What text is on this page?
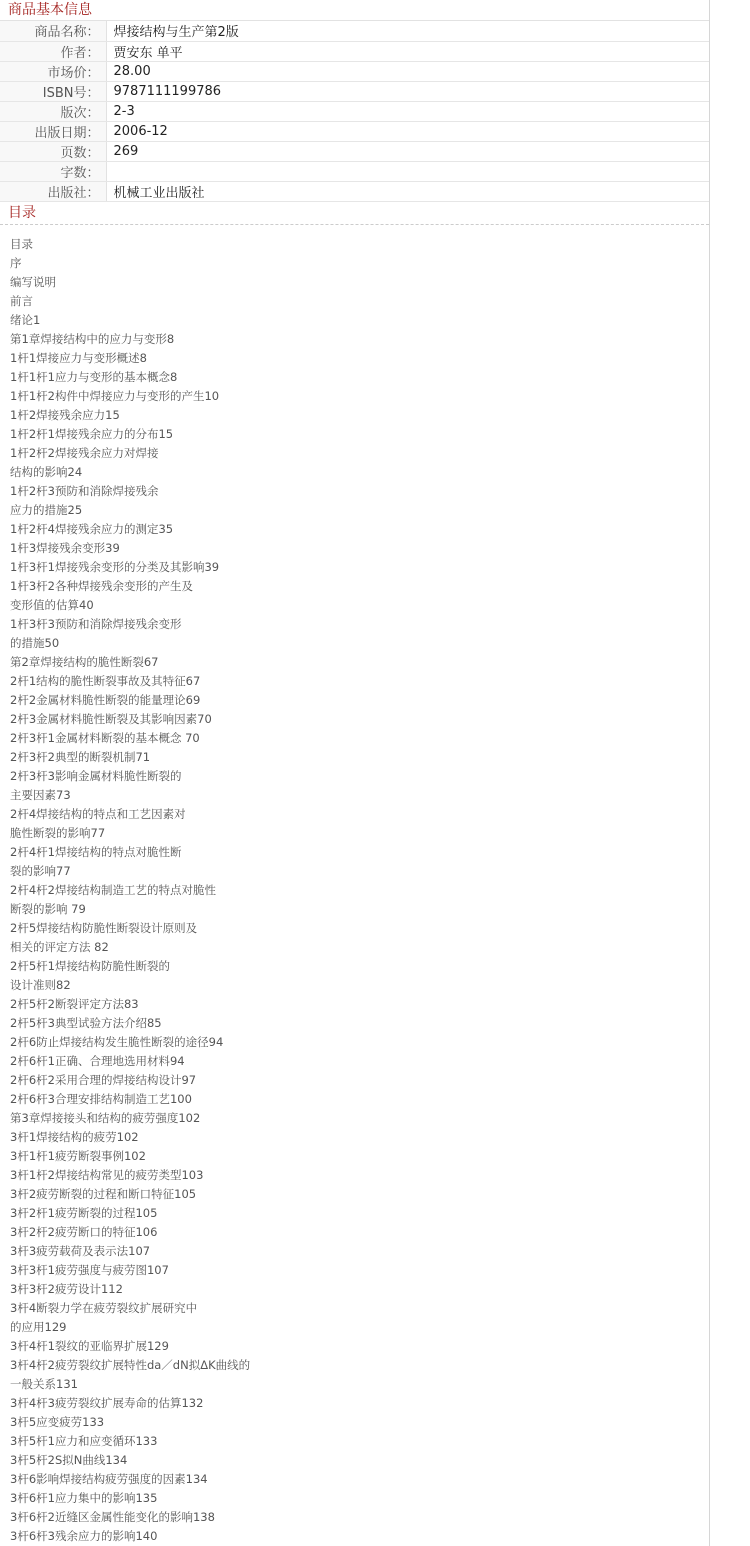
商品基本信息
商品名称：	焊接结构与生产第2版
作者：	贾安东 单平
市场价：	28.00
ISBN号：	9787111199786
版次：	2-3
出版日期：	2006-12
页数：	269
字数：	
出版社：	机械工业出版社
目录
目录
序
编写说明
前言
绪论1
第1章焊接结构中的应力与变形8
1杆1焊接应力与变形概述8
1杆1杆1应力与变形的基本概念8
1杆1杆2构件中焊接应力与变形的产生10
1杆2焊接残余应力15
1杆2杆1焊接残余应力的分布15
1杆2杆2焊接残余应力对焊接
结构的影响24
1杆2杆3预防和消除焊接残余
应力的措施25
1杆2杆4焊接残余应力的测定35
1杆3焊接残余变形39
1杆3杆1焊接残余变形的分类及其影响39
1杆3杆2各种焊接残余变形的产生及
变形值的估算40
1杆3杆3预防和消除焊接残余变形
的措施50
第2章焊接结构的脆性断裂67
2杆1结构的脆性断裂事故及其特征67
2杆2金属材料脆性断裂的能量理论69
2杆3金属材料脆性断裂及其影响因素70
2杆3杆1金属材料断裂的基本概念 70
2杆3杆2典型的断裂机制71
2杆3杆3影响金属材料脆性断裂的
主要因素73
2杆4焊接结构的特点和工艺因素对
脆性断裂的影响77
2杆4杆1焊接结构的特点对脆性断
裂的影响77
2杆4杆2焊接结构制造工艺的特点对脆性
断裂的影响 79
2杆5焊接结构防脆性断裂设计原则及
相关的评定方法 82
2杆5杆1焊接结构防脆性断裂的
设计准则82
2杆5杆2断裂评定方法83
2杆5杆3典型试验方法介绍85
2杆6防止焊接结构发生脆性断裂的途径94
2杆6杆1正确、合理地选用材料94
2杆6杆2采用合理的焊接结构设计97
2杆6杆3合理安排结构制造工艺100
第3章焊接接头和结构的疲劳强度102
3杆1焊接结构的疲劳102
3杆1杆1疲劳断裂事例102
3杆1杆2焊接结构常见的疲劳类型103
3杆2疲劳断裂的过程和断口特征105
3杆2杆1疲劳断裂的过程105
3杆2杆2疲劳断口的特征106
3杆3疲劳载荷及表示法107
3杆3杆1疲劳强度与疲劳图107
3杆3杆2疲劳设计112
3杆4断裂力学在疲劳裂纹扩展研究中
的应用129
3杆4杆1裂纹的亚临界扩展129
3杆4杆2疲劳裂纹扩展特性da／dN拟ΔK曲线的
一般关系131
3杆4杆3疲劳裂纹扩展寿命的估算132
3杆5应变疲劳133
3杆5杆1应力和应变循环133
3杆5杆2S拟N曲线134
3杆6影响焊接结构疲劳强度的因素134
3杆6杆1应力集中的影响135
3杆6杆2近缝区金属性能变化的影响138
3杆6杆3残余应力的影响140
